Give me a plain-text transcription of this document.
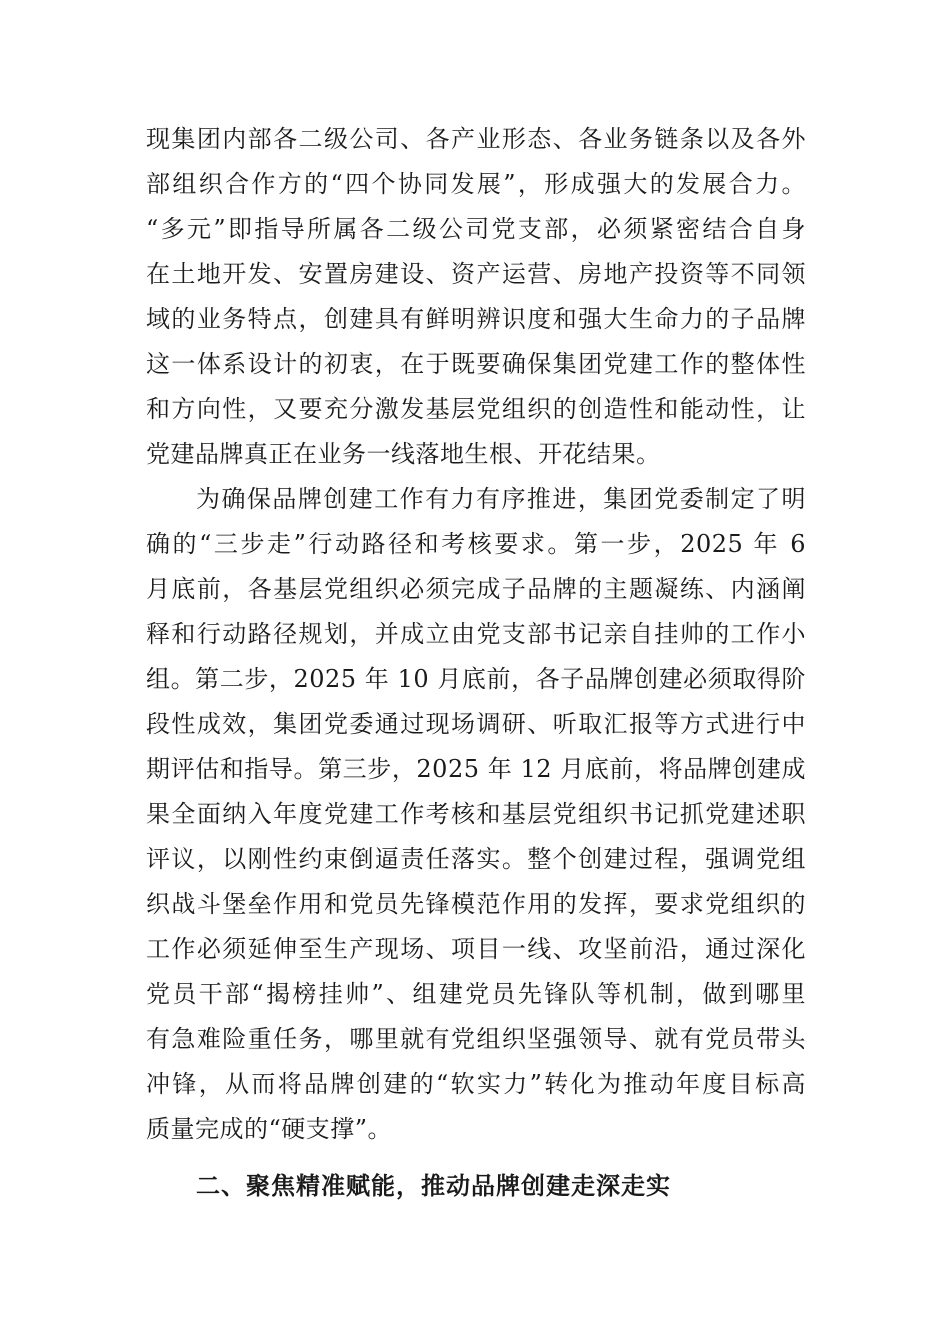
现集团内部各二级公司、各产业形态、各业务链条以及各外
部组织合作方的“四个协同发展”，形成强大的发展合力。
“多元”即指导所属各二级公司党支部，必须紧密结合自身
在土地开发、安置房建设、资产运营、房地产投资等不同领
域的业务特点，创建具有鲜明辨识度和强大生命力的子品牌
这一体系设计的初衷，在于既要确保集团党建工作的整体性
和方向性，又要充分激发基层党组织的创造性和能动性，让
党建品牌真正在业务一线落地生根、开花结果。
为确保品牌创建工作有力有序推进，集团党委制定了明
确的“三步走”行动路径和考核要求。第一步，2025 年 6
月底前，各基层党组织必须完成子品牌的主题凝练、内涵阐
释和行动路径规划，并成立由党支部书记亲自挂帅的工作小
组。第二步，2025 年 10 月底前，各子品牌创建必须取得阶
段性成效，集团党委通过现场调研、听取汇报等方式进行中
期评估和指导。第三步，2025 年 12 月底前，将品牌创建成
果全面纳入年度党建工作考核和基层党组织书记抓党建述职
评议，以刚性约束倒逼责任落实。整个创建过程，强调党组
织战斗堡垒作用和党员先锋模范作用的发挥，要求党组织的
工作必须延伸至生产现场、项目一线、攻坚前沿，通过深化
党员干部“揭榜挂帅”、组建党员先锋队等机制，做到哪里
有急难险重任务，哪里就有党组织坚强领导、就有党员带头
冲锋，从而将品牌创建的“软实力”转化为推动年度目标高
质量完成的“硬支撑”。
二、聚焦精准赋能，推动品牌创建走深走实
